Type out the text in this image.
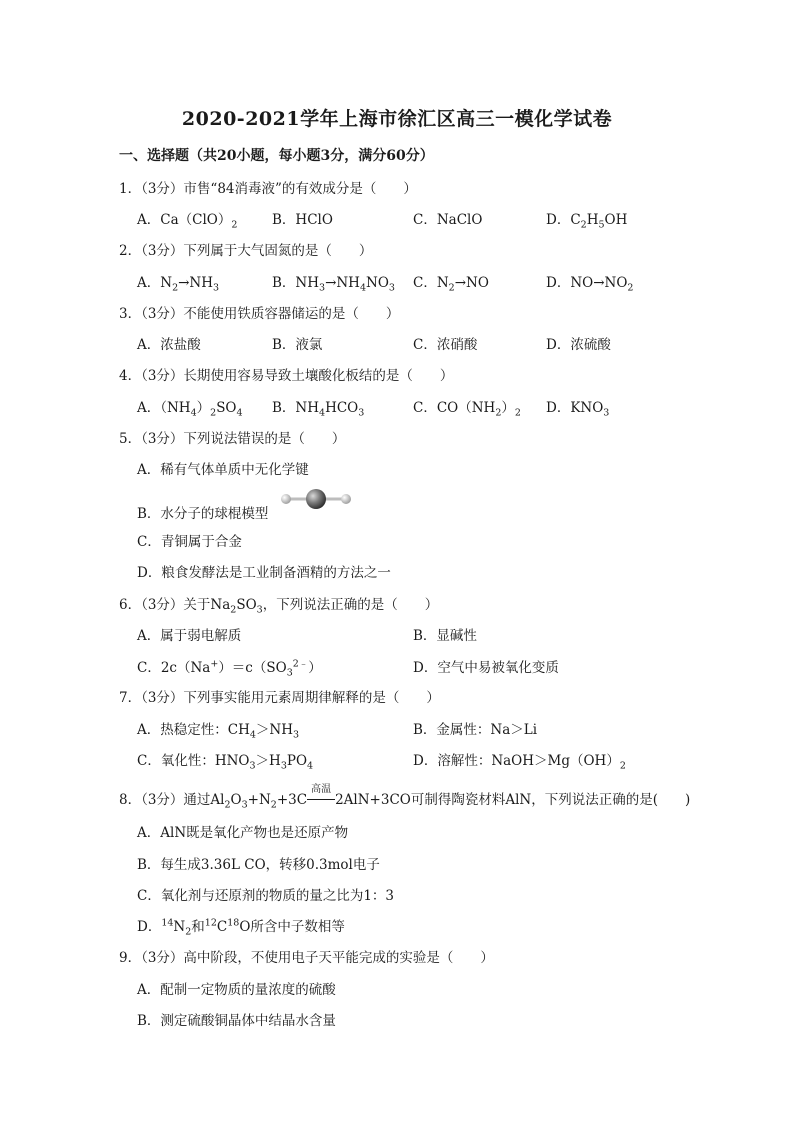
2020-2021学年上海市徐汇区高三一模化学试卷
一、选择题（共20小题，每小题3分，满分60分）
1．（3分）市售“84消毒液”的有效成分是（　　）
A．$Ca(ClO)_2$	B．HClO	C．NaClO	D．$C_2H_5OH$
2．（3分）下列属于大气固氮的是（　　）
A．$N_2\to NH_3$	B．$NH_3\to NH_4NO_3$ C．$N_2\to NO$	D．$NO\to NO_2$
3．（3分）不能使用铁质容器储运的是（　　）
A．浓盐酸	B．液氯	C．浓硝酸	D．浓硫酸
4．（3分）长期使用容易导致土壤酸化板结的是（　　）
A．$(NH_4)_2SO_4$ B．$NH_4HCO_3$	C．$CO(NH_2)_2$ D．$KNO_3$
5．（3分）下列说法错误的是（　　）
A．稀有气体单质中无化学键
B．水分子的球棍模型
C．青铜属于合金
D．粮食发酵法是工业制备酒精的方法之一
6．（3分）关于$Na_2SO_3$，下列说法正确的是（　　）
A．属于弱电解质	B．显碱性
C．$2c(Na^+)=c(SO_3^{2﹣})$	D．空气中易被氧化变质
7．（3分）下列事实能用元素周期律解释的是（　　）
A．热稳定性：$CH_4>NH_3$	B．金属性：Na＞Li
C．氧化性：$HNO_3>H_3PO_4$	D．溶解性：$NaOH>Mg(OH)_2$
8．（3分）通过$Al_2O_3+N_2+3C$
高温
2AlN+3CO可制得陶瓷材料AlN，下列说法正确的是(　　)
A．AlN既是氧化产物也是还原产物
B．每生成3.36L CO，转移0.3mol电子
C．氧化剂与还原剂的物质的量之比为1：3
D．$^{14}N_2$和$^{12}C^{18}O$所含中子数相等
9．（3分）高中阶段，不使用电子天平能完成的实验是（　　）
A．配制一定物质的量浓度的硫酸
B．测定硫酸铜晶体中结晶水含量
